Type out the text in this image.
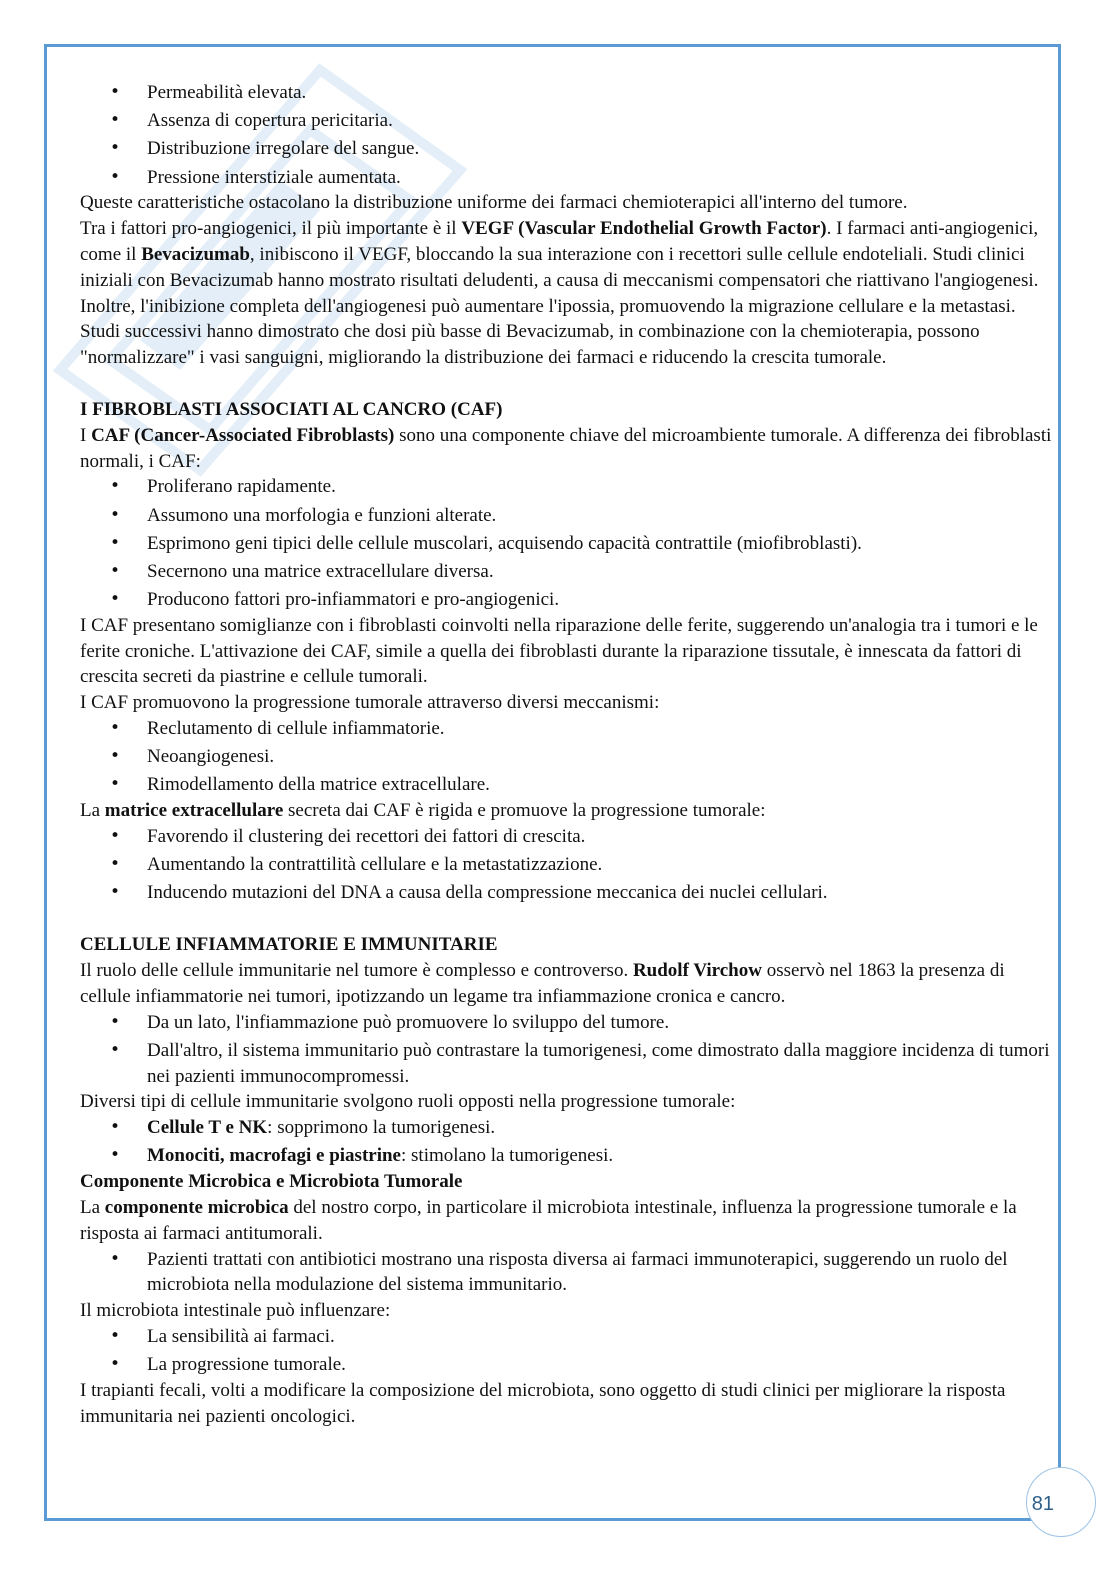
• Permeabilità elevata.
• Assenza di copertura pericitaria.
• Distribuzione irregolare del sangue.
• Pressione interstiziale aumentata.

Queste caratteristiche ostacolano la distribuzione uniforme dei farmaci chemioterapici all'interno del tumore.

Tra i fattori pro-angiogenici, il più importante è il VEGF (Vascular Endothelial Growth Factor). I farmaci anti-angiogenici, come il Bevacizumab, inibiscono il VEGF, bloccando la sua interazione con i recettori sulle cellule endoteliali. Studi clinici iniziali con Bevacizumab hanno mostrato risultati deludenti, a causa di meccanismi compensatori che riattivano l'angiogenesi.

Inoltre, l'inibizione completa dell'angiogenesi può aumentare l'ipossia, promuovendo la migrazione cellulare e la metastasi. Studi successivi hanno dimostrato che dosi più basse di Bevacizumab, in combinazione con la chemioterapia, possono "normalizzare" i vasi sanguigni, migliorando la distribuzione dei farmaci e riducendo la crescita tumorale.

I FIBROBLASTI ASSOCIATI AL CANCRO (CAF)

I CAF (Cancer-Associated Fibroblasts) sono una componente chiave del microambiente tumorale. A differenza dei fibroblasti normali, i CAF:

• Proliferano rapidamente.
• Assumono una morfologia e funzioni alterate.
• Esprimono geni tipici delle cellule muscolari, acquisendo capacità contrattile (miofibroblasti).
• Secernono una matrice extracellulare diversa.
• Producono fattori pro-infiammatori e pro-angiogenici.

I CAF presentano somiglianze con i fibroblasti coinvolti nella riparazione delle ferite, suggerendo un'analogia tra i tumori e le ferite croniche. L'attivazione dei CAF, simile a quella dei fibroblasti durante la riparazione tissutale, è innescata da fattori di crescita secreti da piastrine e cellule tumorali.

I CAF promuovono la progressione tumorale attraverso diversi meccanismi:

• Reclutamento di cellule infiammatorie.
• Neoangiogenesi.
• Rimodellamento della matrice extracellulare.

La matrice extracellulare secreta dai CAF è rigida e promuove la progressione tumorale:

• Favorendo il clustering dei recettori dei fattori di crescita.
• Aumentando la contrattilità cellulare e la metastatizzazione.
• Inducendo mutazioni del DNA a causa della compressione meccanica dei nuclei cellulari.
CELLULE INFIAMMATORIE E IMMUNITARIE

Il ruolo delle cellule immunitarie nel tumore è complesso e controverso. Rudolf Virchow osservò nel 1863 la presenza di cellule infiammatorie nei tumori, ipotizzando un legame tra infiammazione cronica e cancro.

• Da un lato, l'infiammazione può promuovere lo sviluppo del tumore.
• Dall'altro, il sistema immunitario può contrastare la tumorigenesi, come dimostrato dalla maggiore incidenza di tumori nei pazienti immunocompromessi.

Diversi tipi di cellule immunitarie svolgono ruoli opposti nella progressione tumorale:

• Cellule T e NK: sopprimono la tumorigenesi.
• Monociti, macrofagi e piastrine: stimolano la tumorigenesi.
Componente Microbica e Microbiota Tumorale

La componente microbica del nostro corpo, in particolare il microbiota intestinale, influenza la progressione tumorale e la risposta ai farmaci antitumorali.

• Pazienti trattati con antibiotici mostrano una risposta diversa ai farmaci immunoterapici, suggerendo un ruolo del microbiota nella modulazione del sistema immunitario.

Il microbiota intestinale può influenzare:

• La sensibilità ai farmaci.
• La progressione tumorale.

I trapianti fecali, volti a modificare la composizione del microbiota, sono oggetto di studi clinici per migliorare la risposta immunitaria nei pazienti oncologici.

81
